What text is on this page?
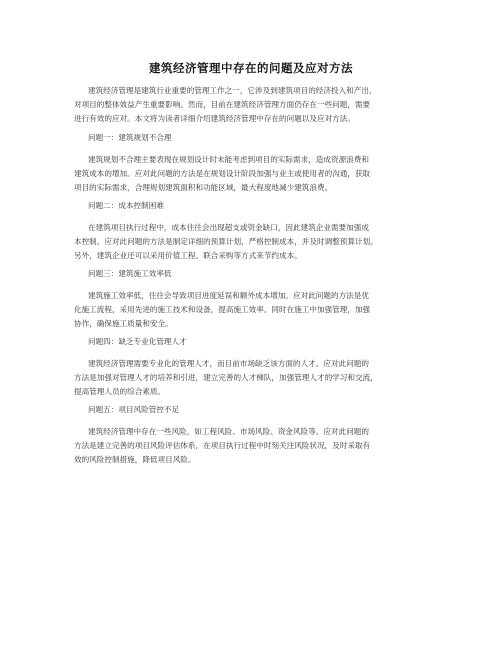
建筑经济管理中存在的问题及应对方法
建筑经济管理是建筑行业重要的管理工作之一，它涉及到建筑项目的经济投入和产出，
对项目的整体效益产生重要影响。然而，目前在建筑经济管理方面仍存在一些问题，需要
进行有效的应对。本文将为读者详细介绍建筑经济管理中存在的问题以及应对方法。
问题一：建筑规划不合理
建筑规划不合理主要表现在规划设计时未能考虑到项目的实际需求，造成资源浪费和
建筑成本的增加。应对此问题的方法是在规划设计阶段加强与业主或使用者的沟通，获取
项目的实际需求，合理规划建筑面积和功能区域，最大程度地减少建筑浪费。
问题二：成本控制困难
在建筑项目执行过程中，成本往往会出现超支或资金缺口，因此建筑企业需要加强成
本控制。应对此问题的方法是制定详细的预算计划，严格控制成本，并及时调整预算计划。
另外，建筑企业还可以采用价值工程、联合采购等方式来节约成本。
问题三：建筑施工效率低
建筑施工效率低，往往会导致项目进度延误和额外成本增加。应对此问题的方法是优
化施工流程，采用先进的施工技术和设备，提高施工效率。同时在施工中加强管理，加强
协作，确保施工质量和安全。
问题四：缺乏专业化管理人才
建筑经济管理需要专业化的管理人才，而目前市场缺乏该方面的人才。应对此问题的
方法是加强对管理人才的培养和引进，建立完善的人才梯队，加强管理人才的学习和交流，
提高管理人员的综合素质。
问题五：项目风险管控不足
建筑经济管理中存在一些风险，如工程风险、市场风险、资金风险等。应对此问题的
方法是建立完善的项目风险评估体系，在项目执行过程中时刻关注风险状况，及时采取有
效的风险控制措施，降低项目风险。
